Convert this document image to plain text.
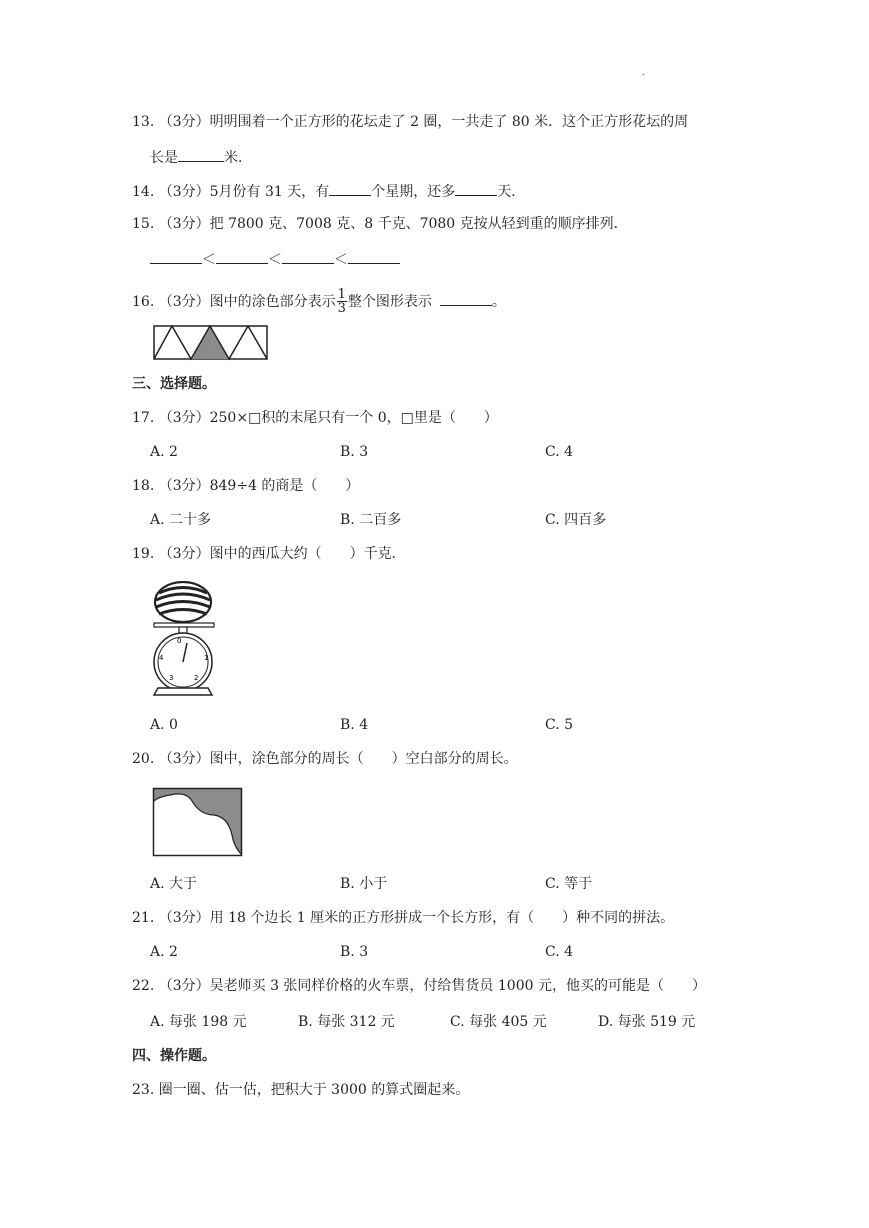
.
13. （3分）明明围着一个正方形的花坛走了 2 圈，一共走了 80 米．这个正方形花坛的周
长是	米．
14. （3分）5月份有 31 天，有	个星期，还多	天．
15. （3分）把 7800 克、7008 克、8 千克、7080 克按从轻到重的顺序排列．
＜	＜	＜
16. （3分）图中的涂色部分表示 $\frac{1}{3}$ 整个图形表示	。
三、选择题。
17. （3分）250×□积的末尾只有一个 0，□里是（　　）
A. 2	B. 3	C. 4
18. （3分）849÷4 的商是（　　）
A. 二十多	B. 二百多	C. 四百多
19. （3分）图中的西瓜大约（　　）千克．
0
1
2
3
4
A. 0	B. 4	C. 5
20. （3分）图中，涂色部分的周长（　　）空白部分的周长。
A. 大于	B. 小于	C. 等于
21. （3分）用 18 个边长 1 厘米的正方形拼成一个长方形，有（　　）种不同的拼法。
A. 2	B. 3	C. 4
22. （3分）吴老师买 3 张同样价格的火车票，付给售货员 1000 元，他买的可能是（　　）
A. 每张 198 元	B. 每张 312 元	C. 每张 405 元	D. 每张 519 元
四、操作题。
23. 圈一圈、估一估，把积大于 3000 的算式圈起来。
